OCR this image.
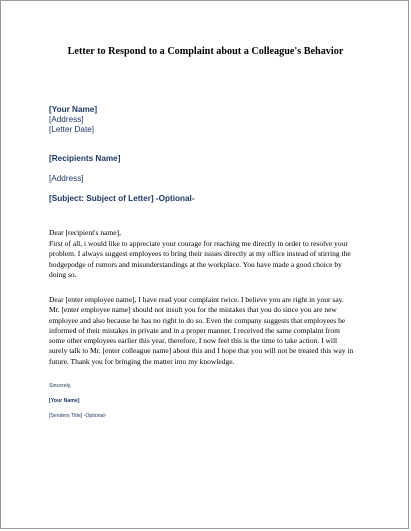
Letter to Respond to a Complaint about a Colleague's Behavior
[Your Name]
[Address]
[Letter Date]
[Recipients Name]
[Address]
[Subject: Subject of Letter] -Optional-
Dear [recipient's name],
First of all, i would like to appreciate your courage for reaching me directly in order to resolve your
problem. I always suggest employees to bring their issues directly at my office instead of stirring the
hodgepodge of rumors and misunderstandings at the workplace. You have made a good choice by
doing so.
Dear [enter employee name], I have read your complaint twice. I believe you are right in your say.
Mr. [enter employee name] should not insult you for the mistakes that you do since you are new
employee and also because he has no right to do so. Even the company suggests that employees be
informed of their mistakes in private and in a proper manner. I received the same complaint from
some other employees earlier this year, therefore, I now feel this is the time to take action. I will
surely talk to Mr. [enter colleague name] about this and I hope that you will not be treated this way in
future. Thank you for bringing the matter into my knowledge.
Sincerely,
[Your Name]
[Senders Title] -Optional-
